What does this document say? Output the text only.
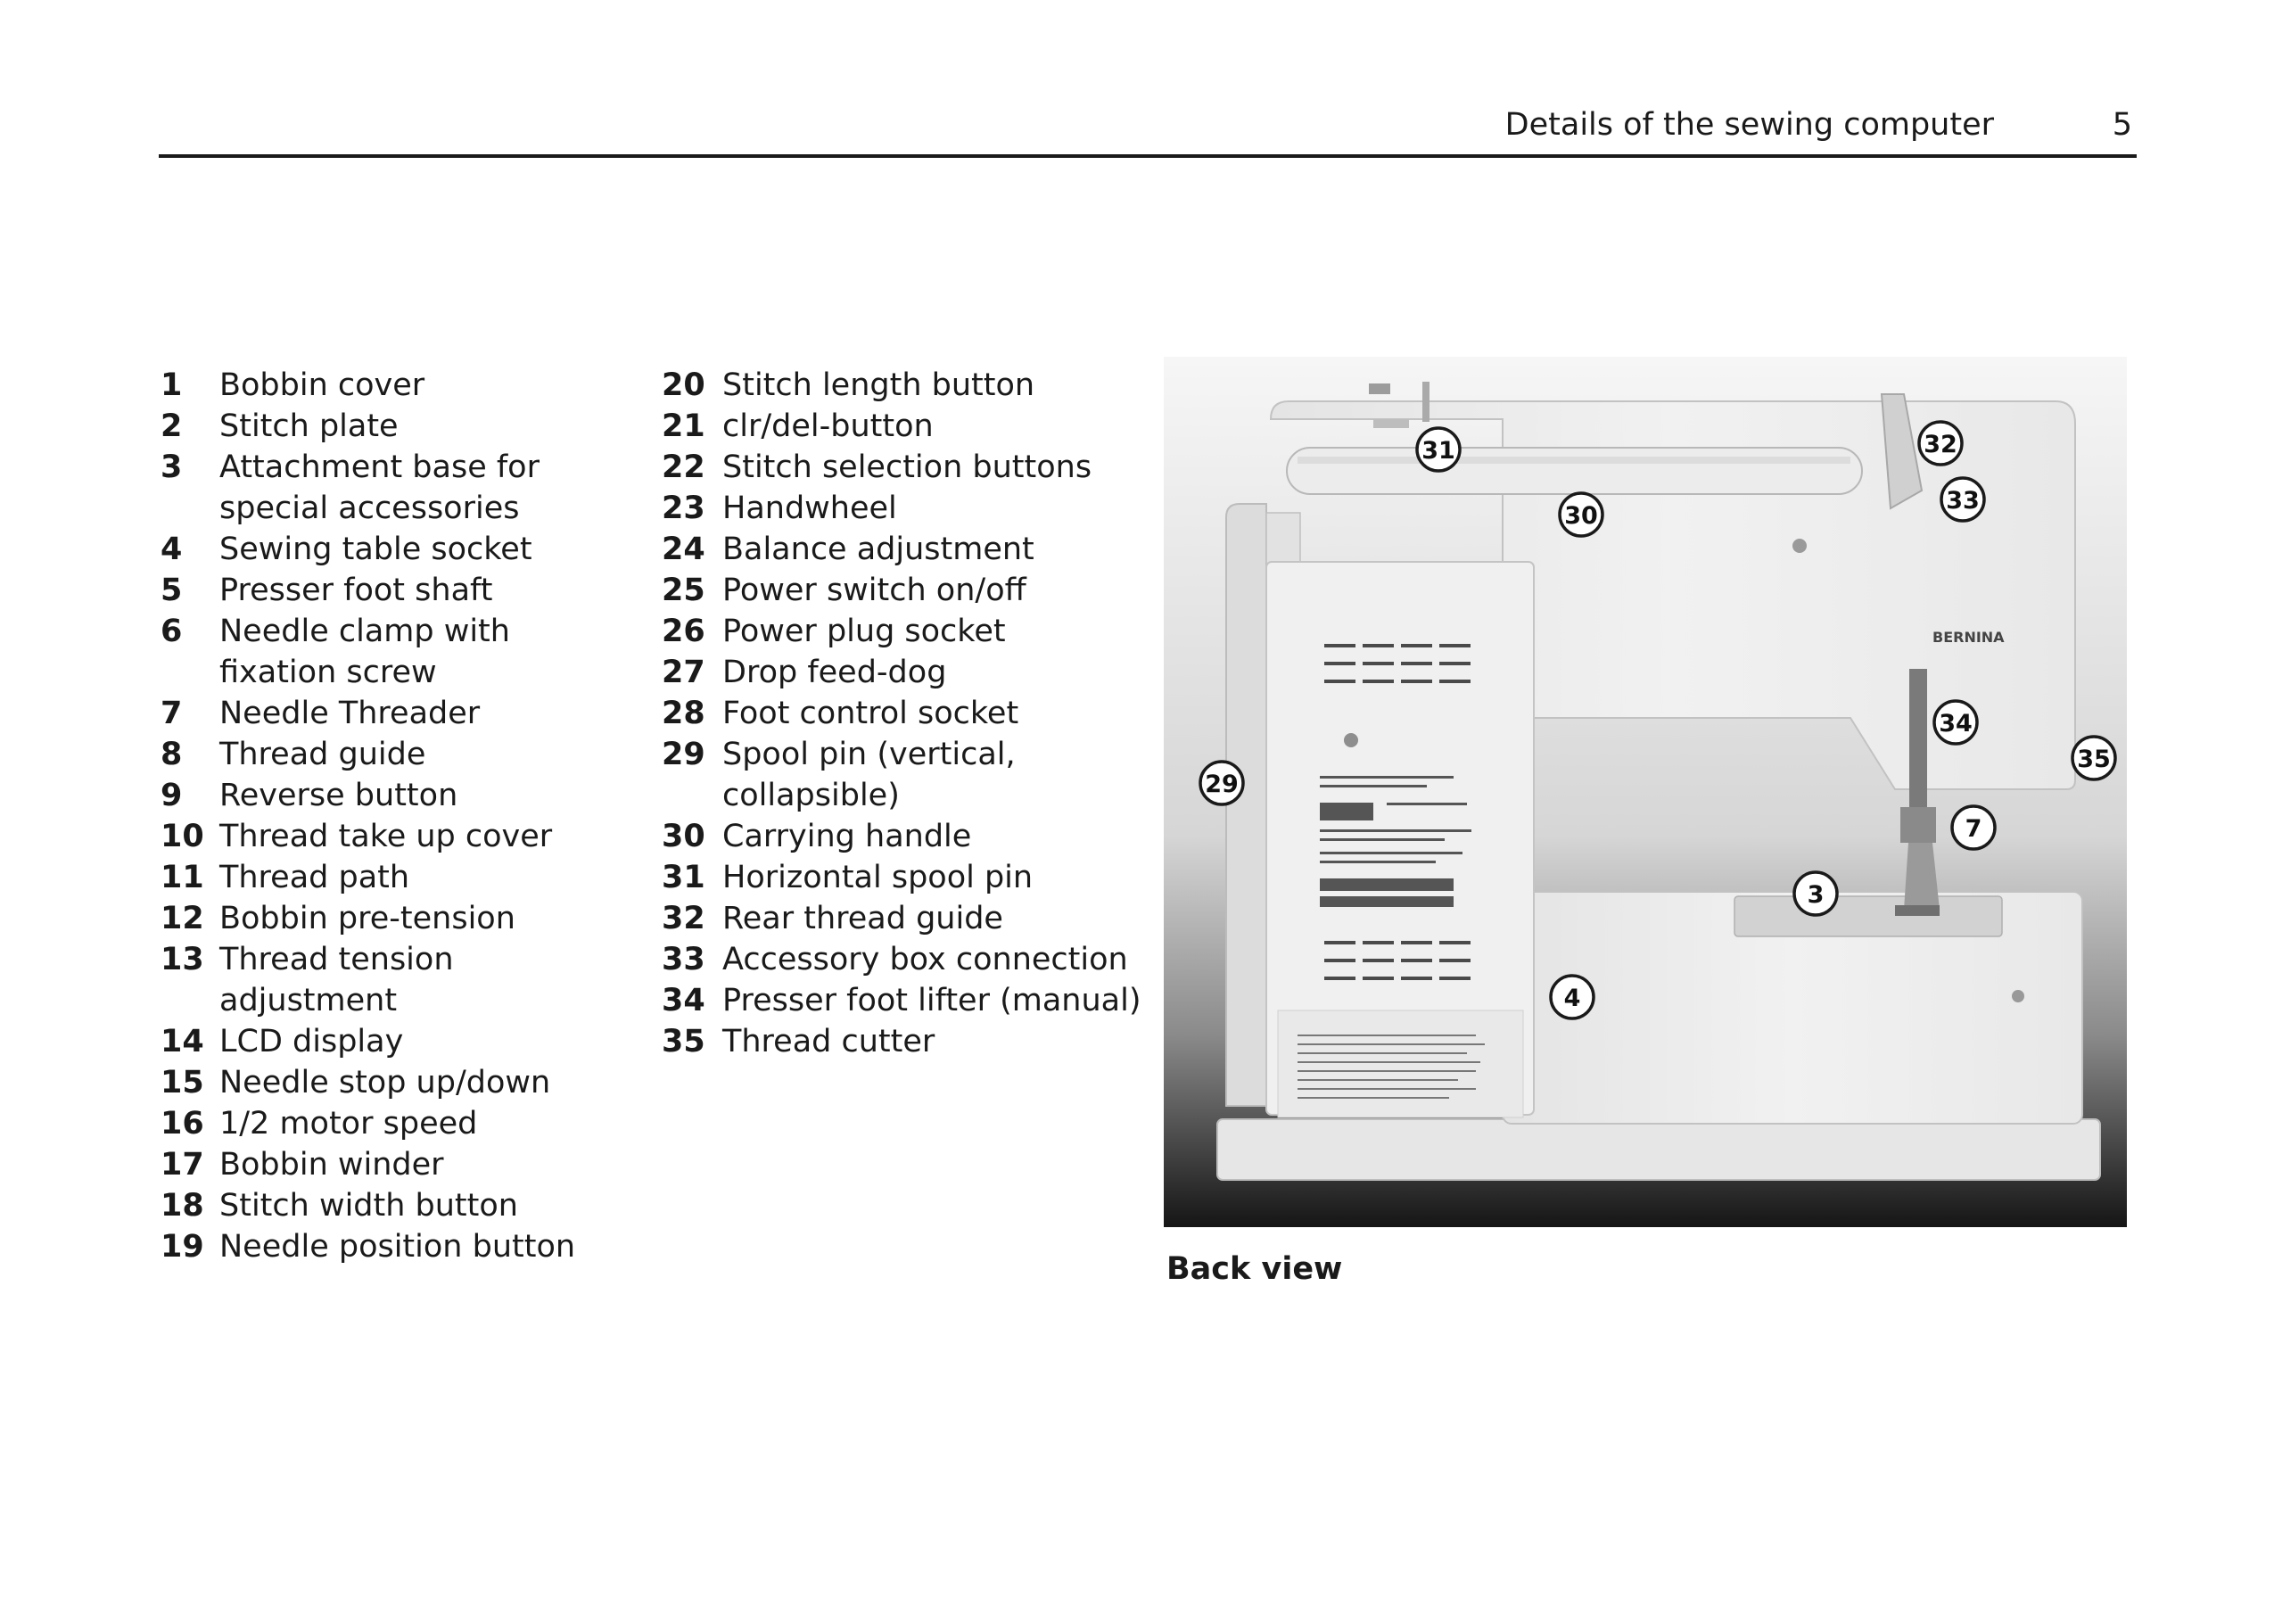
Details of the sewing computer	5
1 Bobbin cover
2 Stitch plate
3 Attachment base for special accessories
4 Sewing table socket
5 Presser foot shaft
6 Needle clamp with fixation screw
7 Needle Threader
8 Thread guide
9 Reverse button
10 Thread take up cover
11 Thread path
12 Bobbin pre-tension
13 Thread tension adjustment
14 LCD display
15 Needle stop up/down
16 1/2 motor speed
17 Bobbin winder
18 Stitch width button
19 Needle position button
20 Stitch length button
21 clr/del-button
22 Stitch selection buttons
23 Handwheel
24 Balance adjustment
25 Power switch on/off
26 Power plug socket
27 Drop feed-dog
28 Foot control socket
29 Spool pin (vertical, collapsible)
30 Carrying handle
31 Horizontal spool pin
32 Rear thread guide
33 Accessory box connection
34 Presser foot lifter (manual)
35 Thread cutter
BERNINA
31	32
33
30
34
35
29
7
3
4
Back view
